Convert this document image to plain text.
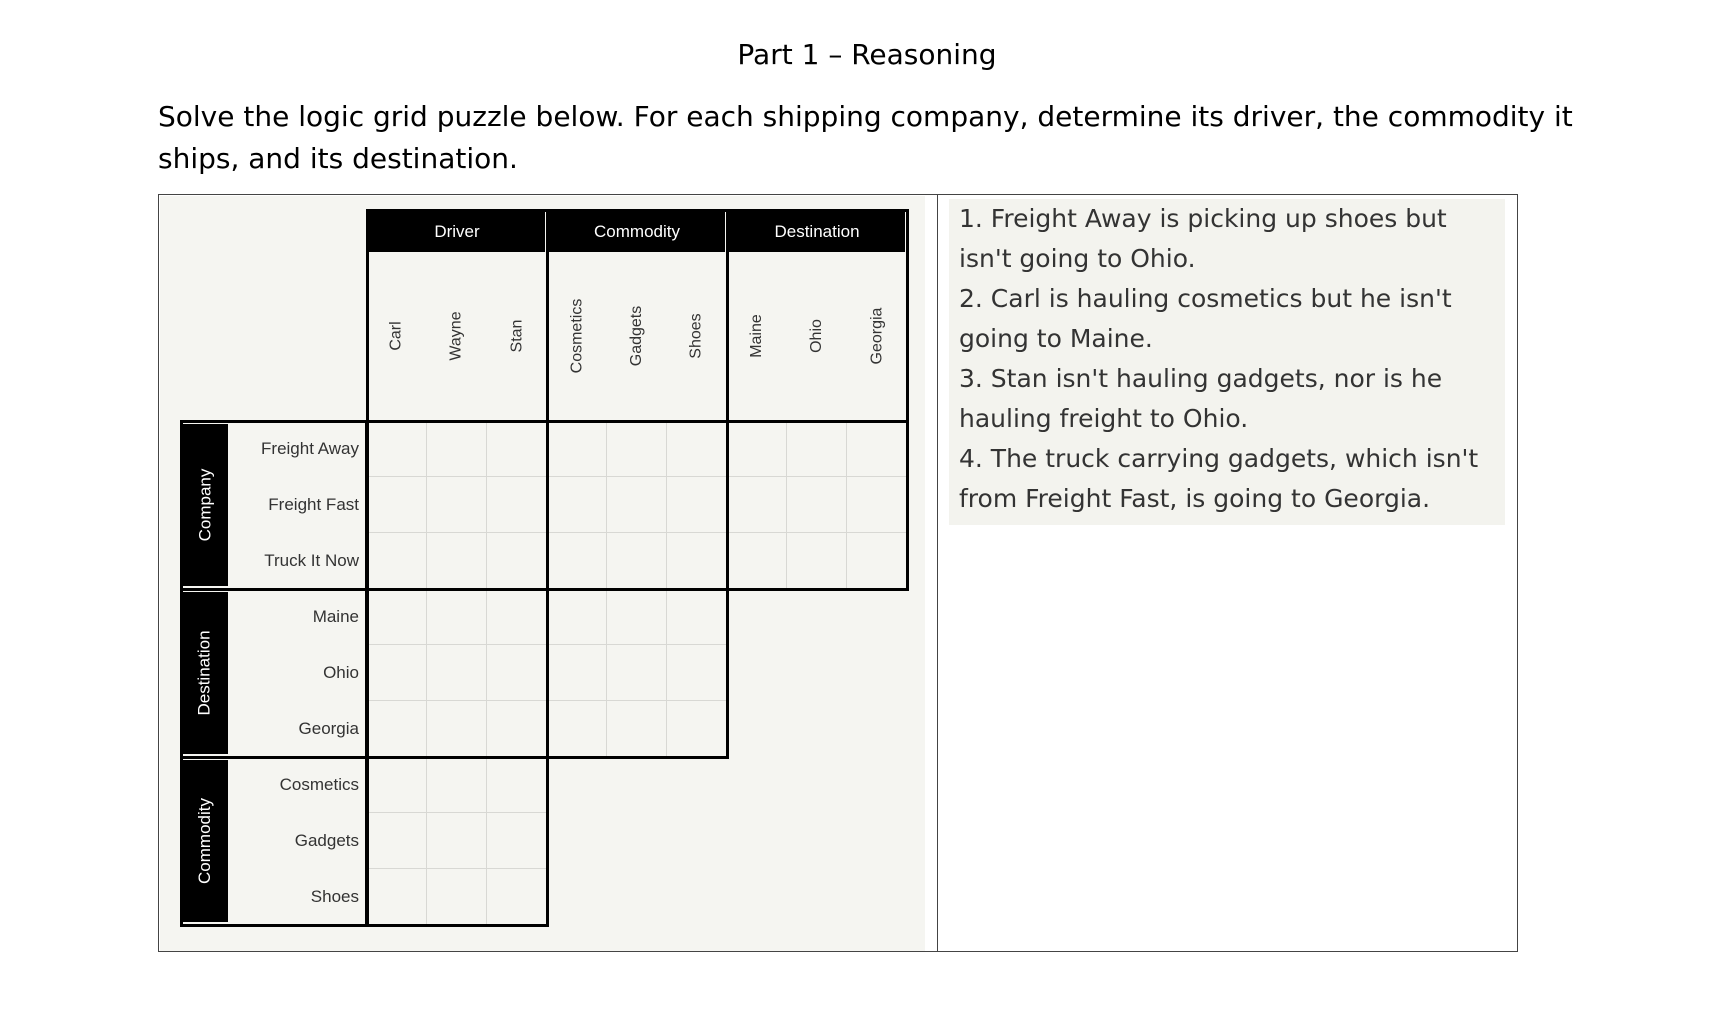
Part 1 – Reasoning
Solve the logic grid puzzle below. For each shipping company, determine its driver, the commodity it ships, and its destination.
Driver
Carl	Wayne	Stan
Commodity
Cosmetics	Gadgets	Shoes
Destination
Maine	Ohio	Georgia
Company
Freight Away
Freight Fast
Truck It Now
Destination
Maine
Ohio
Georgia
Commodity
Cosmetics
Gadgets
Shoes
1. Freight Away is picking up shoes but isn't going to Ohio.
2. Carl is hauling cosmetics but he isn't going to Maine.
3. Stan isn't hauling gadgets, nor is he hauling freight to Ohio.
4. The truck carrying gadgets, which isn't from Freight Fast, is going to Georgia.
